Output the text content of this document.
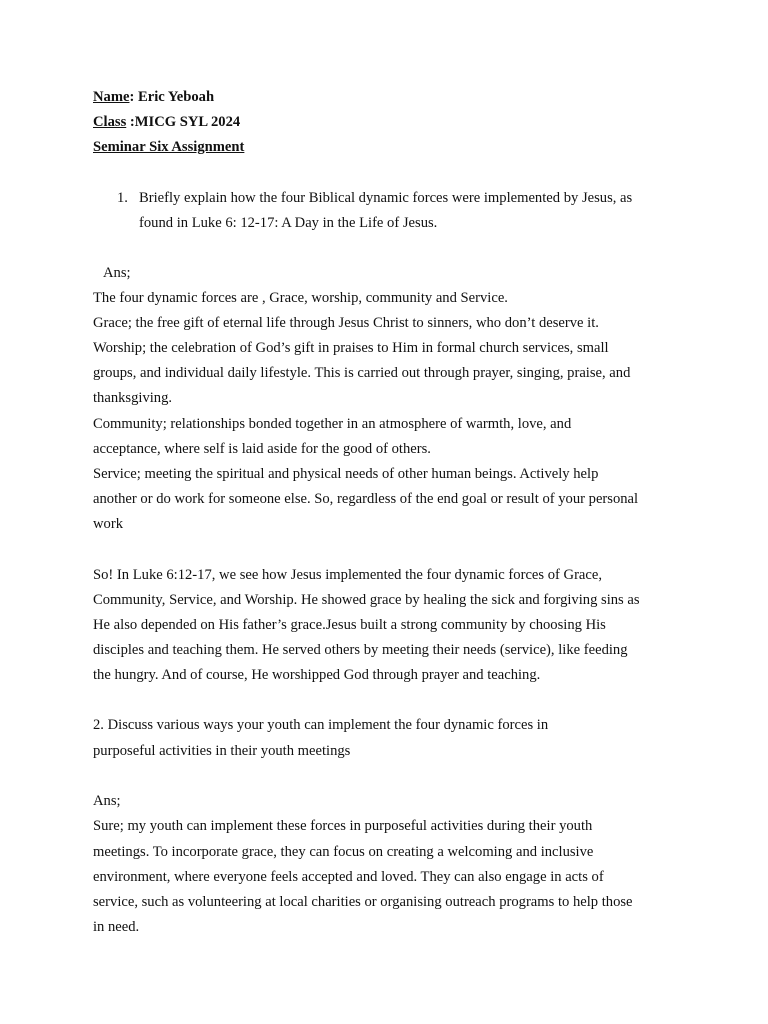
Name: Eric Yeboah
Class :MICG SYL 2024
Seminar Six Assignment
1. Briefly explain how the four Biblical dynamic forces were implemented by Jesus, as
found in Luke 6: 12-17: A Day in the Life of Jesus.
Ans;
The four dynamic forces are , Grace, worship, community and Service.
Grace; the free gift of eternal life through Jesus Christ to sinners, who don’t deserve it.
Worship; the celebration of God’s gift in praises to Him in formal church services, small
groups, and individual daily lifestyle. This is carried out through prayer, singing, praise, and
thanksgiving.
Community; relationships bonded together in an atmosphere of warmth, love, and
acceptance, where self is laid aside for the good of others.
Service; meeting the spiritual and physical needs of other human beings. Actively help
another or do work for someone else. So, regardless of the end goal or result of your personal
work
So! In Luke 6:12-17, we see how Jesus implemented the four dynamic forces of Grace,
Community, Service, and Worship. He showed grace by healing the sick and forgiving sins as
He also depended on His father’s grace.Jesus built a strong community by choosing His
disciples and teaching them. He served others by meeting their needs (service), like feeding
the hungry. And of course, He worshipped God through prayer and teaching.
2. Discuss various ways your youth can implement the four dynamic forces in
purposeful activities in their youth meetings
Ans;
Sure; my youth can implement these forces in purposeful activities during their youth
meetings. To incorporate grace, they can focus on creating a welcoming and inclusive
environment, where everyone feels accepted and loved. They can also engage in acts of
service, such as volunteering at local charities or organising outreach programs to help those
in need.
